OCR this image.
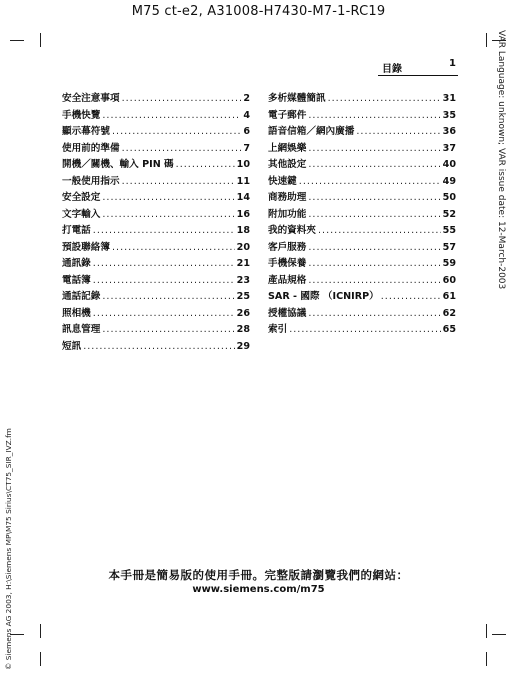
M75 ct-e2, A31008-H7430-M7-1-RC19
目錄
1
安全注意事項 .....	2
手機快覽 .....	4
顯示幕符號 .....	6
使用前的準備 .....	7
開機／關機、輸入 PIN 碼 .....	10
一般使用指示 .....	11
安全設定 .....	14
文字輸入 .....	16
打電話 .....	18
預設聯絡簿 .....	20
通訊錄 .....	21
電話簿 .....	23
通話記錄 .....	25
照相機 .....	26
訊息管理 .....	28
短訊 .....	29
多析媒體簡訊 .....	31
電子郵件 .....	35
語音信箱／網內廣播 .....	36
上網娛樂 .....	37
其他設定 .....	40
快速鍵 .....	49
商務助理 .....	50
附加功能 .....	52
我的資料夾 .....	55
客戶服務 .....	57
手機保養 .....	59
產品規格 .....	60
SAR - 國際 （ICNIRP） .....	61
授權協議 .....	62
索引 .....	65
VAR Language: unknown; VAR issue date: 12-March-2003
© Siemens AG 2003, H:\Siemens MP\M75 Sirius\CT75_SIR_IVZ.fm	本手冊是簡易版的使用手冊。完整版請瀏覽我們的網站：
www.siemens.com/m75
